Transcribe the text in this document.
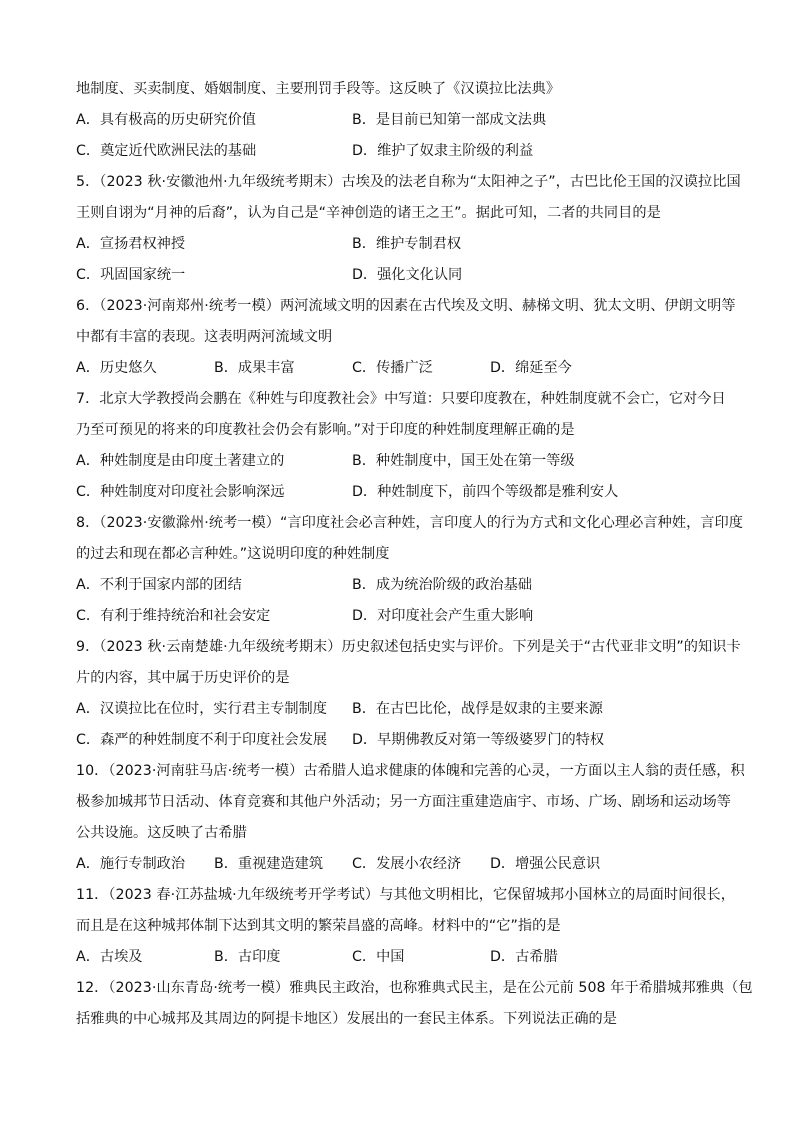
地制度、买卖制度、婚姻制度、主要刑罚手段等。这反映了《汉谟拉比法典》
A．具有极高的历史研究价值	B．是目前已知第一部成文法典
C．奠定近代欧洲民法的基础	D．维护了奴隶主阶级的利益
5．（2023 秋·安徽池州·九年级统考期末）古埃及的法老自称为“太阳神之子”，古巴比伦王国的汉谟拉比国
王则自诩为“月神的后裔”，认为自己是“辛神创造的诸王之王”。据此可知，二者的共同目的是
A．宣扬君权神授	B．维护专制君权
C．巩固国家统一	D．强化文化认同
6．（2023·河南郑州·统考一模）两河流域文明的因素在古代埃及文明、赫梯文明、犹太文明、伊朗文明等
中都有丰富的表现。这表明两河流域文明
A．历史悠久	B．成果丰富	C．传播广泛	D．绵延至今
7．北京大学教授尚会鹏在《种姓与印度教社会》中写道：只要印度教在，种姓制度就不会亡，它对今日
乃至可预见的将来的印度教社会仍会有影响。”对于印度的种姓制度理解正确的是
A．种姓制度是由印度土著建立的	B．种姓制度中，国王处在第一等级
C．种姓制度对印度社会影响深远	D．种姓制度下，前四个等级都是雅利安人
8．（2023·安徽滁州·统考一模）“言印度社会必言种姓，言印度人的行为方式和文化心理必言种姓，言印度
的过去和现在都必言种姓。”这说明印度的种姓制度
A．不利于国家内部的团结	B．成为统治阶级的政治基础
C．有利于维持统治和社会安定	D．对印度社会产生重大影响
9．（2023 秋·云南楚雄·九年级统考期末）历史叙述包括史实与评价。下列是关于“古代亚非文明”的知识卡
片的内容，其中属于历史评价的是
A．汉谟拉比在位时，实行君主专制制度	B．在古巴比伦，战俘是奴隶的主要来源
C．森严的种姓制度不利于印度社会发展	D．早期佛教反对第一等级婆罗门的特权
10．（2023·河南驻马店·统考一模）古希腊人追求健康的体魄和完善的心灵，一方面以主人翁的责任感，积
极参加城邦节日活动、体育竞赛和其他户外活动；另一方面注重建造庙宇、市场、广场、剧场和运动场等
公共设施。这反映了古希腊
A．施行专制政治	B．重视建造建筑	C．发展小农经济	D．增强公民意识
11．（2023 春·江苏盐城·九年级统考开学考试）与其他文明相比，它保留城邦小国林立的局面时间很长，
而且是在这种城邦体制下达到其文明的繁荣昌盛的高峰。材料中的“它”指的是
A．古埃及	B．古印度	C．中国	D．古希腊
12．（2023·山东青岛·统考一模）雅典民主政治，也称雅典式民主，是在公元前 508 年于希腊城邦雅典（包
括雅典的中心城邦及其周边的阿提卡地区）发展出的一套民主体系。下列说法正确的是
